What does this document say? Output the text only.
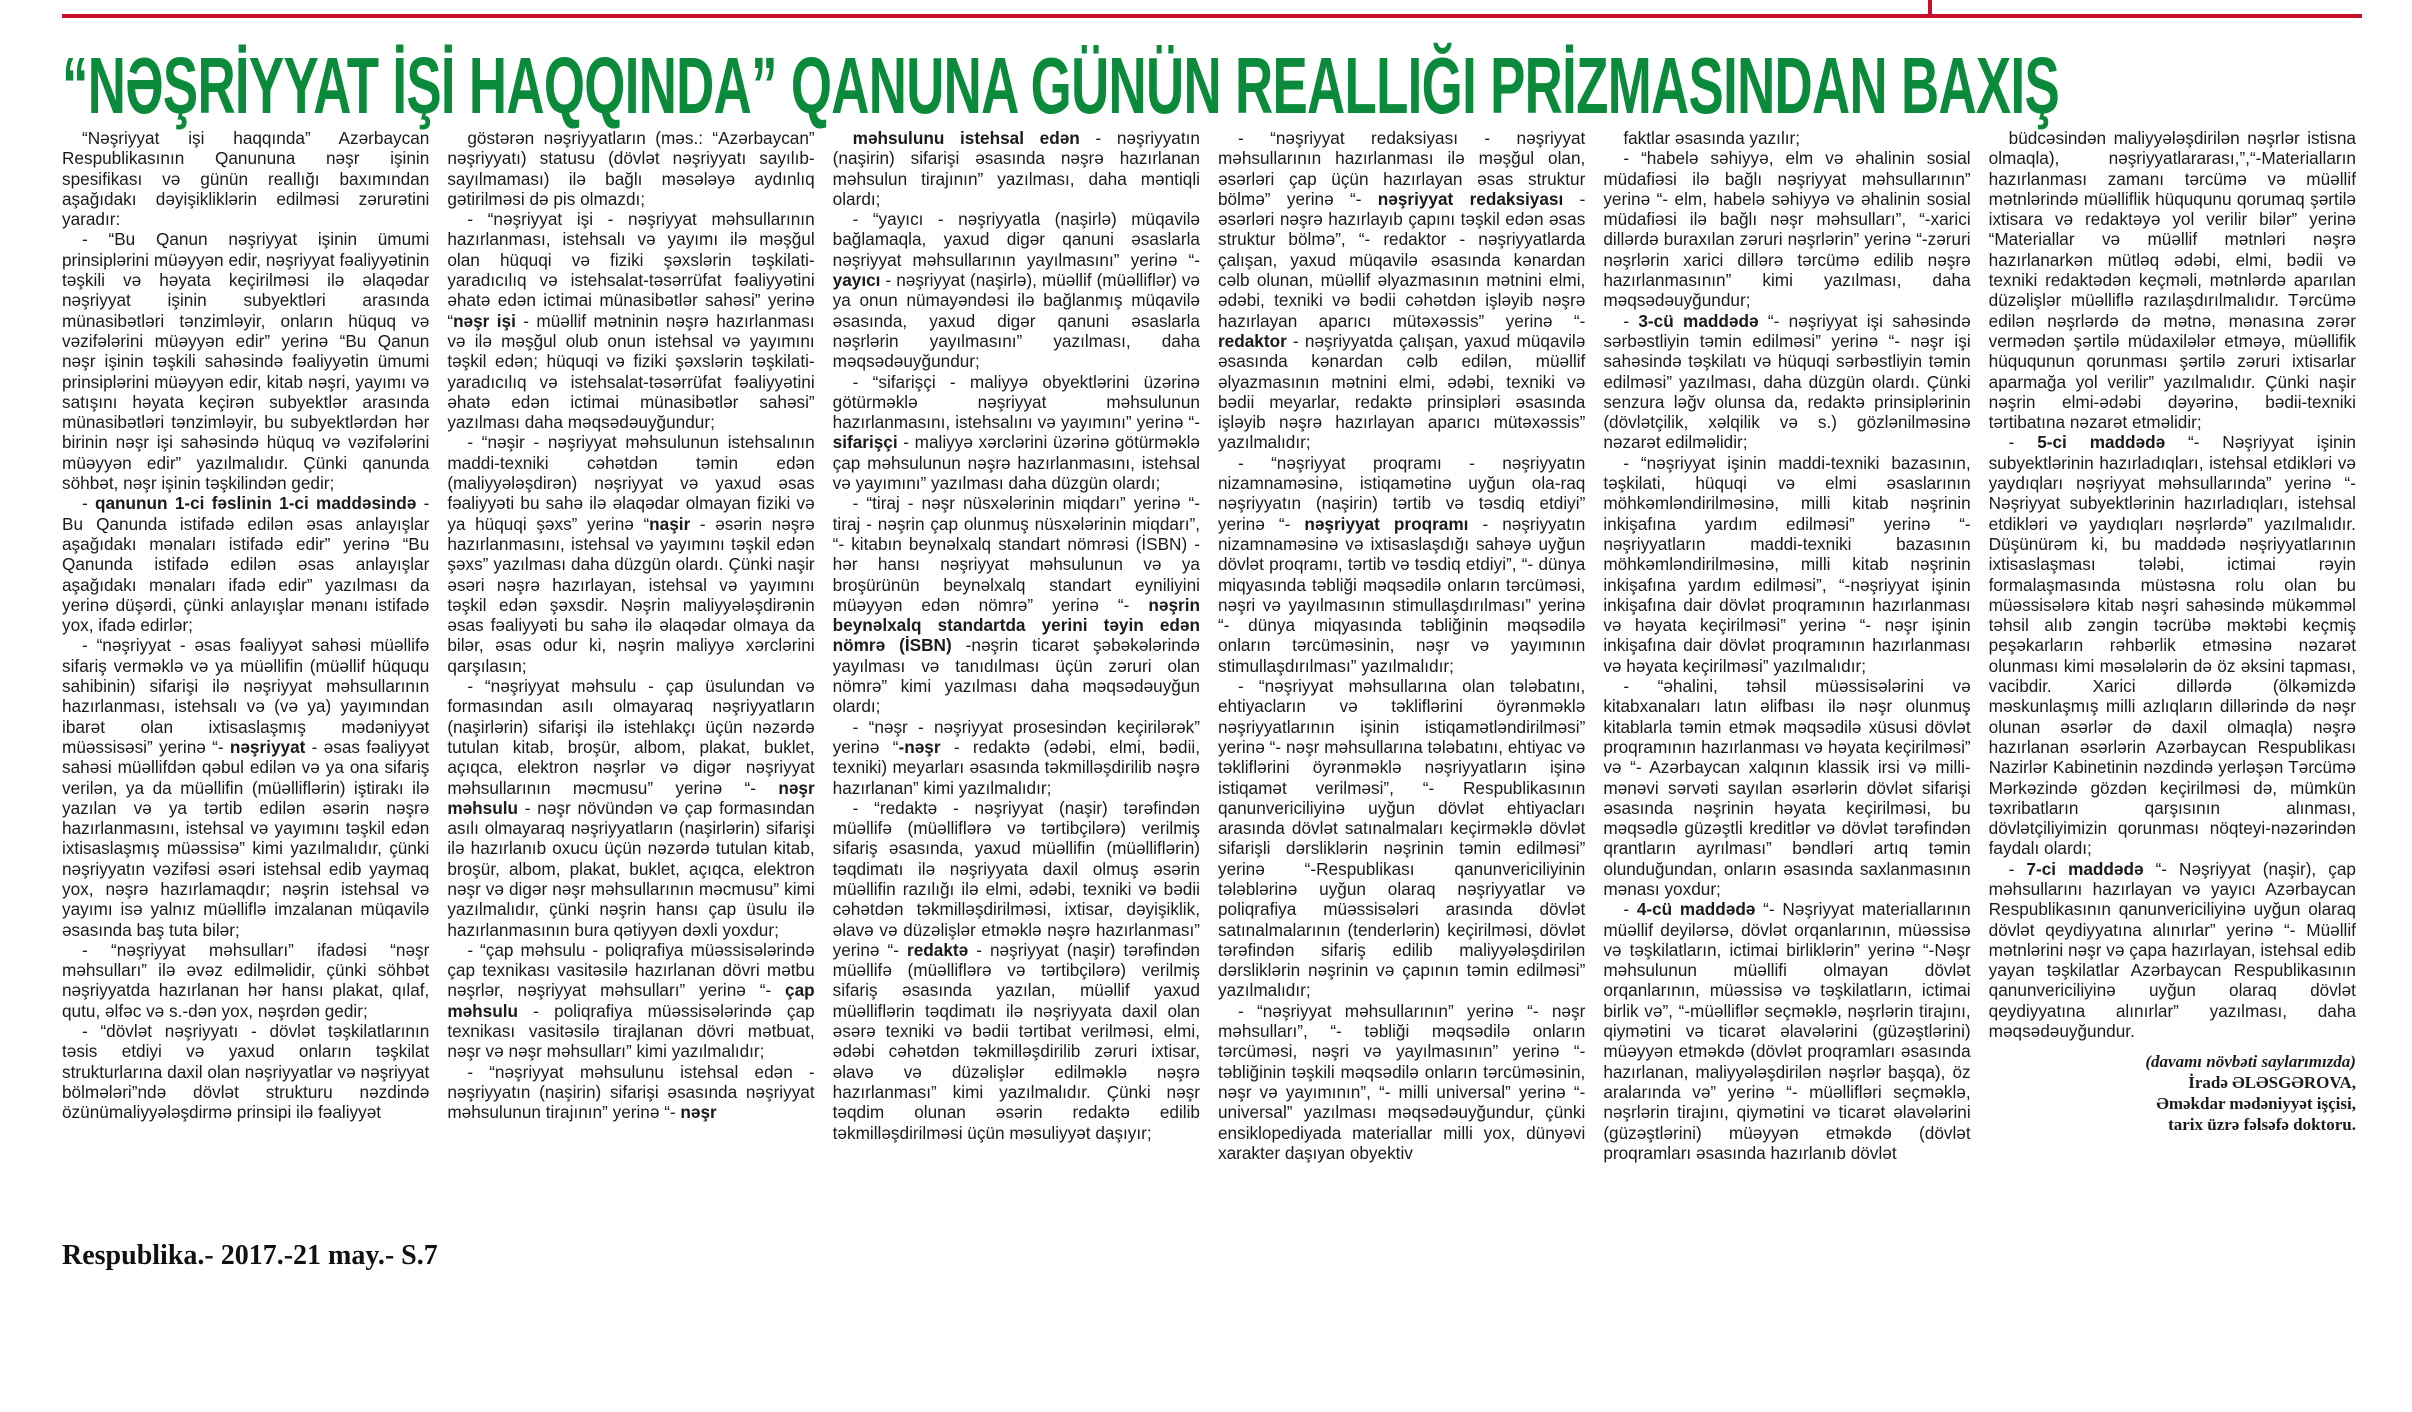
“NƏŞRİYYAT İŞİ HAQQINDA” QANUNA GÜNÜN REALLIĞI PRİZMASINDAN BAXIŞ

“Nəşriyyat işi haqqında” Azərbaycan Respublikasının Qanununa nəşr işinin spesifikası və günün reallığı baxımından aşağıdakı dəyişikliklərin edilməsi zərurətini yaradır:

- “Bu Qanun nəşriyyat işinin ümumi prinsiplərini müəyyən edir, nəşriyyat fəaliyyətinin təşkili və həyata keçirilməsi ilə əlaqədar nəşriyyat işinin subyektləri arasında münasibətləri tənzimləyir, onların hüquq və vəzifələrini müəyyən edir” yerinə “Bu Qanun nəşr işinin təşkili sahəsində fəaliyyətin ümumi prinsiplərini müəyyən edir, kitab nəşri, yayımı və satışını həyata keçirən subyektlər arasında münasibətləri tənzimləyir, bu subyektlərdən hər birinin nəşr işi sahəsində hüquq və vəzifələrini müəyyən edir” yazılmalıdır. Çünki qanunda söhbət, nəşr işinin təşkilindən gedir;

- qanunun 1-ci fəslinin 1-ci maddəsində - Bu Qanunda istifadə edilən əsas anlayışlar aşağıdakı mənaları istifadə edir” yerinə “Bu Qanunda istifadə edilən əsas anlayışlar aşağıdakı mənaları ifadə edir” yazılması da yerinə düşərdi, çünki anlayışlar mənanı istifadə yox, ifadə edirlər;

- “nəşriyyat - əsas fəaliyyət sahəsi müəllifə sifariş verməklə və ya müəllifin (müəllif hüququ sahibinin) sifarişi ilə nəşriyyat məhsullarının hazırlanması, istehsalı və (və ya) yayımından ibarət olan ixtisaslaşmış mədəniyyət müəssisəsi” yerinə “- nəşriyyat - əsas fəaliyyət sahəsi müəllifdən qəbul edilən və ya ona sifariş verilən, ya da müəllifin (müəlliflərin) iştirakı ilə yazılan və ya tərtib edilən əsərin nəşrə hazırlanmasını, istehsal və yayımını təşkil edən ixtisaslaşmış müəssisə” kimi yazılmalıdır, çünki nəşriyyatın vəzifəsi əsəri istehsal edib yaymaq yox, nəşrə hazırlamaqdır; nəşrin istehsal və yayımı isə yalnız müəlliflə imzalanan müqavilə əsasında baş tuta bilər;

- “nəşriyyat məhsulları” ifadəsi “nəşr məhsulları” ilə əvəz edilməlidir, çünki söhbət nəşriyyatda hazırlanan hər hansı plakat, qılaf, qutu, əlfəc və s.-dən yox, nəşrdən gedir;

- “dövlət nəşriyyatı - dövlət təşkilatlarının təsis etdiyi və yaxud onların təşkilat strukturlarına daxil olan nəşriyyatlar və nəşriyyat bölmələri”ndə dövlət strukturu nəzdində özünümaliyyələşdirmə prinsipi ilə fəaliyyət

göstərən nəşriyyatların (məs.: “Azərbaycan” nəşriyyatı) statusu (dövlət nəşriyyatı sayılıb-sayılmaması) ilə bağlı məsələyə aydınlıq gətirilməsi də pis olmazdı;

- “nəşriyyat işi - nəşriyyat məhsullarının hazırlanması, istehsalı və yayımı ilə məşğul olan hüquqi və fiziki şəxslərin təşkilati-yaradıcılıq və istehsalat-təsərrüfat fəaliyyətini əhatə edən ictimai münasibətlər sahəsi” yerinə “nəşr işi - müəllif mətninin nəşrə hazırlanması və ilə məşğul olub onun istehsal və yayımını təşkil edən; hüquqi və fiziki şəxslərin təşkilati-yaradıcılıq və istehsalat-təsərrüfat fəaliyyətini əhatə edən ictimai münasibətlər sahəsi” yazılması daha məqsədəuyğundur;

- “nəşir - nəşriyyat məhsulunun istehsalının maddi-texniki cəhətdən təmin edən (maliyyələşdirən) nəşriyyat və yaxud əsas fəaliyyəti bu sahə ilə əlaqədar olmayan fiziki və ya hüquqi şəxs” yerinə “naşir - əsərin nəşrə hazırlanmasını, istehsal və yayımını təşkil edən şəxs” yazılması daha düzgün olardı. Çünki naşir əsəri nəşrə hazırlayan, istehsal və yayımını təşkil edən şəxsdir. Nəşrin maliyyələşdirənin əsas fəaliyyəti bu sahə ilə əlaqədar olmaya da bilər, əsas odur ki, nəşrin maliyyə xərclərini qarşılasın;

- “nəşriyyat məhsulu - çap üsulundan və formasından asılı olmayaraq nəşriyyatların (naşirlərin) sifarişi ilə istehlakçı üçün nəzərdə tutulan kitab, broşür, albom, plakat, buklet, açıqca, elektron nəşrlər və digər nəşriyyat məhsullarının məcmusu” yerinə “- nəşr məhsulu - nəşr növündən və çap formasından asılı olmayaraq nəşriyyatların (naşirlərin) sifarişi ilə hazırlanıb oxucu üçün nəzərdə tutulan kitab, broşür, albom, plakat, buklet, açıqca, elektron nəşr və digər nəşr məhsullarının məcmusu” kimi yazılmalıdır, çünki nəşrin hansı çap üsulu ilə hazırlanmasının bura qətiyyən dəxli yoxdur;

- “çap məhsulu - poliqrafiya müəssisələrində çap texnikası vasitəsilə hazırlanan dövri mətbu nəşrlər, nəşriyyat məhsulları” yerinə “- çap məhsulu - poliqrafiya müəssisələrində çap texnikası vasitəsilə tirajlanan dövri mətbuat, nəşr və nəşr məhsulları” kimi yazılmalıdır;

- “nəşriyyat məhsulunu istehsal edən - nəşriyyatın (naşirin) sifarişi əsasında nəşriyyat məhsulunun tirajının” yerinə “- nəşr

məhsulunu istehsal edən - nəşriyyatın (naşirin) sifarişi əsasında nəşrə hazırlanan məhsulun tirajının” yazılması, daha məntiqli olardı;

- “yayıcı - nəşriyyatla (naşirlə) müqavilə bağlamaqla, yaxud digər qanuni əsaslarla nəşriyyat məhsullarının yayılmasını” yerinə “- yayıcı - nəşriyyat (naşirlə), müəllif (müəlliflər) və ya onun nümayəndəsi ilə bağlanmış müqavilə əsasında, yaxud digər qanuni əsaslarla nəşrlərin yayılmasını” yazılması, daha məqsədəuyğundur;

- “sifarişçi - maliyyə obyektlərini üzərinə götürməklə nəşriyyat məhsulunun hazırlanmasını, istehsalını və yayımını” yerinə “- sifarişçi - maliyyə xərclərini üzərinə götürməklə çap məhsulunun nəşrə hazırlanmasını, istehsal və yayımını” yazılması daha düzgün olardı;

- “tiraj - nəşr nüsxələrinin miqdarı” yerinə “- tiraj - nəşrin çap olunmuş nüsxələrinin miqdarı”, “- kitabın beynəlxalq standart nömrəsi (İSBN) - hər hansı nəşriyyat məhsulunun və ya broşürünün beynəlxalq standart eyniliyini müəyyən edən nömrə” yerinə “- nəşrin beynəlxalq standartda yerini təyin edən nömrə (İSBN) -nəşrin ticarət şəbəkələrində yayılması və tanıdılması üçün zəruri olan nömrə” kimi yazılması daha məqsədəuyğun olardı;

- “nəşr - nəşriyyat prosesindən keçirilərək” yerinə “-nəşr - redaktə (ədəbi, elmi, bədii, texniki) meyarları əsasında təkmilləşdirilib nəşrə hazırlanan” kimi yazılmalıdır;

- “redaktə - nəşriyyat (naşir) tərəfindən müəllifə (müəlliflərə və tərtibçilərə) verilmiş sifariş əsasında, yaxud müəllifin (müəlliflərin) təqdimatı ilə nəşriyyata daxil olmuş əsərin müəllifin razılığı ilə elmi, ədəbi, texniki və bədii cəhətdən təkmilləşdirilməsi, ixtisar, dəyişiklik, əlavə və düzəlişlər etməklə nəşrə hazırlanması” yerinə “- redaktə - nəşriyyat (naşir) tərəfindən müəllifə (müəlliflərə və tərtibçilərə) verilmiş sifariş əsasında yazılan, müəllif yaxud müəlliflərin təqdimatı ilə nəşriyyata daxil olan əsərə texniki və bədii tərtibat verilməsi, elmi, ədəbi cəhətdən təkmilləşdirilib zəruri ixtisar, əlavə və düzəlişlər edilməklə nəşrə hazırlanması” kimi yazılmalıdır. Çünki nəşr təqdim olunan əsərin redaktə edilib təkmilləşdirilməsi üçün məsuliyyət daşıyır;

- “nəşriyyat redaksiyası - nəşriyyat məhsullarının hazırlanması ilə məşğul olan, əsərləri çap üçün hazırlayan əsas struktur bölmə” yerinə “- nəşriyyat redaksiyası - əsərləri nəşrə hazırlayıb çapını təşkil edən əsas struktur bölmə”, “- redaktor - nəşriyyatlarda çalışan, yaxud müqavilə əsasında kənardan cəlb olunan, müəllif əlyazmasının mətnini elmi, ədəbi, texniki və bədii cəhətdən işləyib nəşrə hazırlayan aparıcı mütəxəssis” yerinə “- redaktor - nəşriyyatda çalışan, yaxud müqavilə əsasında kənardan cəlb edilən, müəllif əlyazmasının mətnini elmi, ədəbi, texniki və bədii meyarlar, redaktə prinsipləri əsasında işləyib nəşrə hazırlayan aparıcı mütəxəssis” yazılmalıdır;

- “nəşriyyat proqramı - nəşriyyatın nizamnaməsinə, istiqamətinə uyğun ola-raq nəşriyyatın (naşirin) tərtib və təsdiq etdiyi” yerinə “- nəşriyyat proqramı - nəşriyyatın nizamnaməsinə və ixtisaslaşdığı sahəyə uyğun dövlət proqramı, tərtib və təsdiq etdiyi”, “- dünya miqyasında təbliği məqsədilə onların tərcüməsi, nəşri və yayılmasının stimullaşdırılması” yerinə “- dünya miqyasında təbliğinin məqsədilə onların tərcüməsinin, nəşr və yayımının stimullaşdırılması” yazılmalıdır;

- “nəşriyyat məhsullarına olan tələbatını, ehtiyacların və təkliflərini öyrənməklə nəşriyyatlarının işinin istiqamətləndirilməsi” yerinə “- nəşr məhsullarına tələbatını, ehtiyac və təkliflərini öyrənməklə nəşriyyatların işinə istiqamət verilməsi”, “- Respublikasının qanunvericiliyinə uyğun dövlət ehtiyacları arasında dövlət satınalmaları keçirməklə dövlət sifarişli dərsliklərin nəşrinin təmin edilməsi” yerinə “-Respublikası qanunvericiliyinin tələblərinə uyğun olaraq nəşriyyatlar və poliqrafiya müəssisələri arasında dövlət satınalmalarının (tenderlərin) keçirilməsi, dövlət tərəfindən sifariş edilib maliyyələşdirilən dərsliklərin nəşrinin və çapının təmin edilməsi” yazılmalıdır;

- “nəşriyyat məhsullarının” yerinə “- nəşr məhsulları”, “- təbliği məqsədilə onların tərcüməsi, nəşri və yayılmasının” yerinə “- təbliğinin təşkili məqsədilə onların tərcüməsinin, nəşr və yayımının”, “- milli universal” yerinə “- universal” yazılması məqsədəuyğundur, çünki ensiklopediyada materiallar milli yox, dünyəvi xarakter daşıyan obyektiv

faktlar əsasında yazılır;

- “habelə səhiyyə, elm və əhalinin sosial müdafiəsi ilə bağlı nəşriyyat məhsullarının” yerinə “- elm, habelə səhiyyə və əhalinin sosial müdafiəsi ilə bağlı nəşr məhsulları”, “-xarici dillərdə buraxılan zəruri nəşrlərin” yerinə “-zəruri nəşrlərin xarici dillərə tərcümə edilib nəşrə hazırlanmasının” kimi yazılması, daha məqsədəuyğundur;

- 3-cü maddədə “- nəşriyyat işi sahəsində sərbəstliyin təmin edilməsi” yerinə “- nəşr işi sahəsində təşkilatı və hüquqi sərbəstliyin təmin edilməsi” yazılması, daha düzgün olardı. Çünki senzura ləğv olunsa da, redaktə prinsiplərinin (dövlətçilik, xəlqilik və s.) gözlənilməsinə nəzarət edilməlidir;

- “nəşriyyat işinin maddi-texniki bazasının, təşkilati, hüquqi və elmi əsaslarının möhkəmləndirilməsinə, milli kitab nəşrinin inkişafına yardım edilməsi” yerinə “- nəşriyyatların maddi-texniki bazasının möhkəmləndirilməsinə, milli kitab nəşrinin inkişafına yardım edilməsi”, “-nəşriyyat işinin inkişafına dair dövlət proqramının hazırlanması və həyata keçirilməsi” yerinə “- nəşr işinin inkişafına dair dövlət proqramının hazırlanması və həyata keçirilməsi” yazılmalıdır;

- “əhalini, təhsil müəssisələrini və kitabxanaları latın əlifbası ilə nəşr olunmuş kitablarla təmin etmək məqsədilə xüsusi dövlət proqramının hazırlanması və həyata keçirilməsi” və “- Azərbaycan xalqının klassik irsi və milli-mənəvi sərvəti sayılan əsərlərin dövlət sifarişi əsasında nəşrinin həyata keçirilməsi, bu məqsədlə güzəştli kreditlər və dövlət tərəfindən qrantların ayrılması” bəndləri artıq təmin olunduğundan, onların əsasında saxlanmasının mənası yoxdur;

- 4-cü maddədə “- Nəşriyyat materiallarının müəllif deyilərsə, dövlət orqanlarının, müəssisə və təşkilatların, ictimai birliklərin” yerinə “-Nəşr məhsulunun müəllifi olmayan dövlət orqanlarının, müəssisə və təşkilatların, ictimai birlik və”, “-müəlliflər seçməklə, nəşrlərin tirajını, qiymətini və ticarət əlavələrini (güzəştlərini) müəyyən etməkdə (dövlət proqramları əsasında hazırlanan, maliyyələşdirilən nəşrlər başqa), öz aralarında və” yerinə “- müəllifləri seçməklə, nəşrlərin tirajını, qiymətini və ticarət əlavələrini (güzəştlərini) müəyyən etməkdə (dövlət proqramları əsasında hazırlanıb dövlət

büdcəsindən maliyyələşdirilən nəşrlər istisna olmaqla), nəşriyyatlararası,”,“-Materialların hazırlanması zamanı tərcümə və müəllif mətnlərində müəlliflik hüququnu qorumaq şərtilə ixtisara və redaktəyə yol verilir bilər” yerinə “Materiallar və müəllif mətnləri nəşrə hazırlanarkən mütləq ədəbi, elmi, bədii və texniki redaktədən keçməli, mətnlərdə aparılan düzəlişlər müəlliflə razılaşdırılmalıdır. Tərcümə edilən nəşrlərdə də mətnə, mənasına zərər vermədən şərtilə müdaxilələr etməyə, müəllifik hüququnun qorunması şərtilə zəruri ixtisarlar aparmağa yol verilir” yazılmalıdır. Çünki naşir nəşrin elmi-ədəbi dəyərinə, bədii-texniki tərtibatına nəzarət etməlidir;

- 5-ci maddədə “- Nəşriyyat işinin subyektlərinin hazırladıqları, istehsal etdikləri və yaydıqları nəşriyyat məhsullarında” yerinə “- Nəşriyyat subyektlərinin hazırladıqları, istehsal etdikləri və yaydıqları nəşrlərdə” yazılmalıdır. Düşünürəm ki, bu maddədə nəşriyyatlarının ixtisaslaşması tələbi, ictimai rəyin formalaşmasında müstəsna rolu olan bu müəssisələrə kitab nəşri sahəsində mükəmməl təhsil alıb zəngin təcrübə məktəbi keçmiş peşəkarların rəhbərlik etməsinə nəzarət olunması kimi məsələlərin də öz əksini tapması, vacibdir. Xarici dillərdə (ölkəmizdə məskunlaşmış milli azlıqların dillərində də nəşr olunan əsərlər də daxil olmaqla) nəşrə hazırlanan əsərlərin Azərbaycan Respublikası Nazirlər Kabinetinin nəzdində yerləşən Tərcümə Mərkəzində gözdən keçirilməsi də, mümkün təxribatların qarşısının alınması, dövlətçiliyimizin qorunması nöqteyi-nəzərindən faydalı olardı;

- 7-ci maddədə “- Nəşriyyat (naşir), çap məhsullarını hazırlayan və yayıcı Azərbaycan Respublikasının qanunvericiliyinə uyğun olaraq dövlət qeydiyyatına alınırlar” yerinə “- Müəllif mətnlərini nəşr və çapa hazırlayan, istehsal edib yayan təşkilatlar Azərbaycan Respublikasının qanunvericiliyinə uyğun olaraq dövlət qeydiyyatına alınırlar” yazılması, daha məqsədəuyğundur.

(davamı növbəti saylarımızda)
İradə ƏLƏSGƏROVA,
Əməkdar mədəniyyət işçisi,
tarix üzrə fəlsəfə doktoru.
Respublika.- 2017.-21 may.- S.7
